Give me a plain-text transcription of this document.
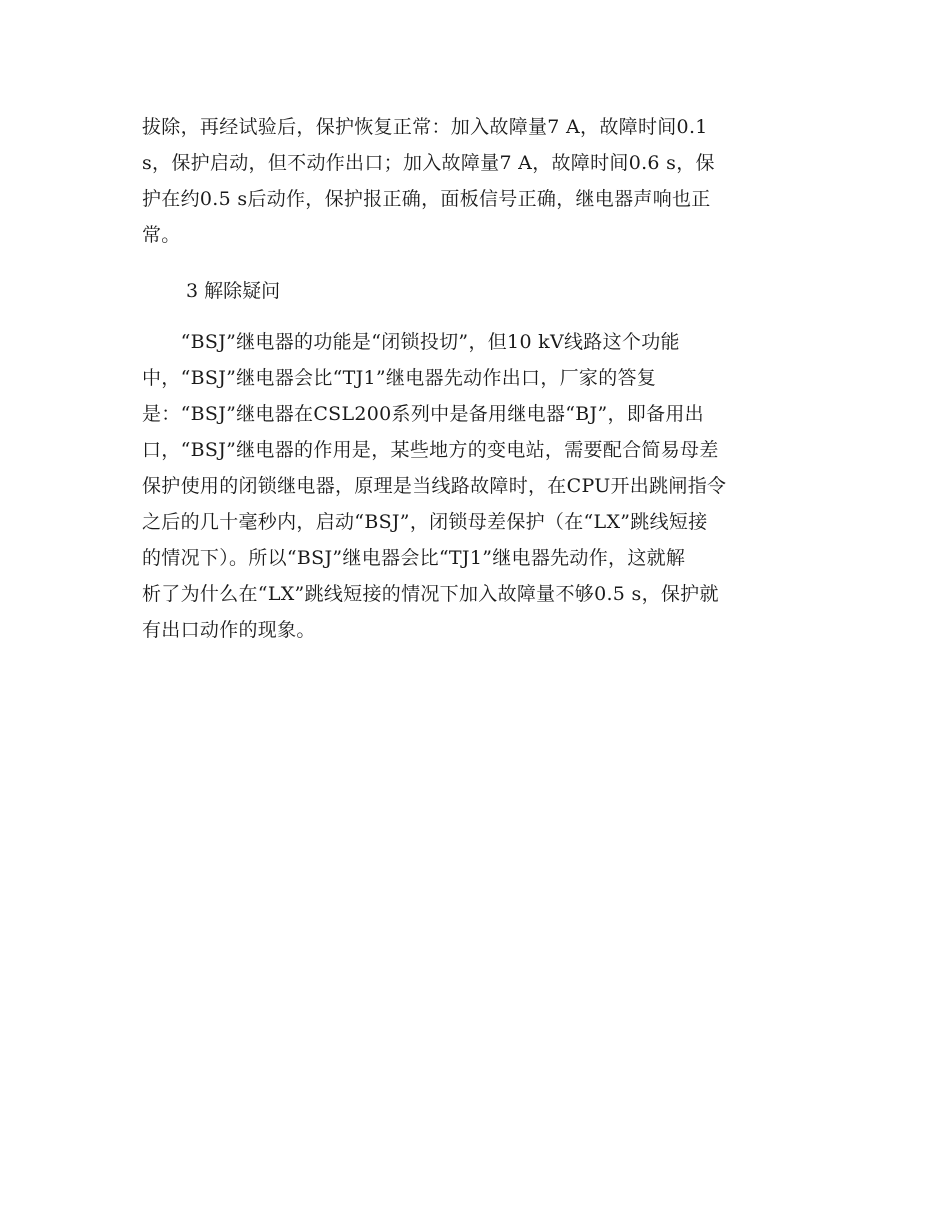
拔除，再经试验后，保护恢复正常：加入故障量7 A，故障时间0.1
s，保护启动，但不动作出口；加入故障量7 A，故障时间0.6 s，保
护在约0.5 s后动作，保护报正确，面板信号正确，继电器声响也正
常。
3 解除疑问
　　“BSJ”继电器的功能是“闭锁投切”，但10 kV线路这个功能
中，“BSJ”继电器会比“TJ1”继电器先动作出口，厂家的答复
是：“BSJ”继电器在CSL200系列中是备用继电器“BJ”，即备用出
口，“BSJ”继电器的作用是，某些地方的变电站，需要配合简易母差
保护使用的闭锁继电器，原理是当线路故障时，在CPU开出跳闸指令
之后的几十毫秒内，启动“BSJ”，闭锁母差保护（在“LX”跳线短接
的情况下）。所以“BSJ”继电器会比“TJ1”继电器先动作，这就解
析了为什么在“LX”跳线短接的情况下加入故障量不够0.5 s，保护就
有出口动作的现象。
